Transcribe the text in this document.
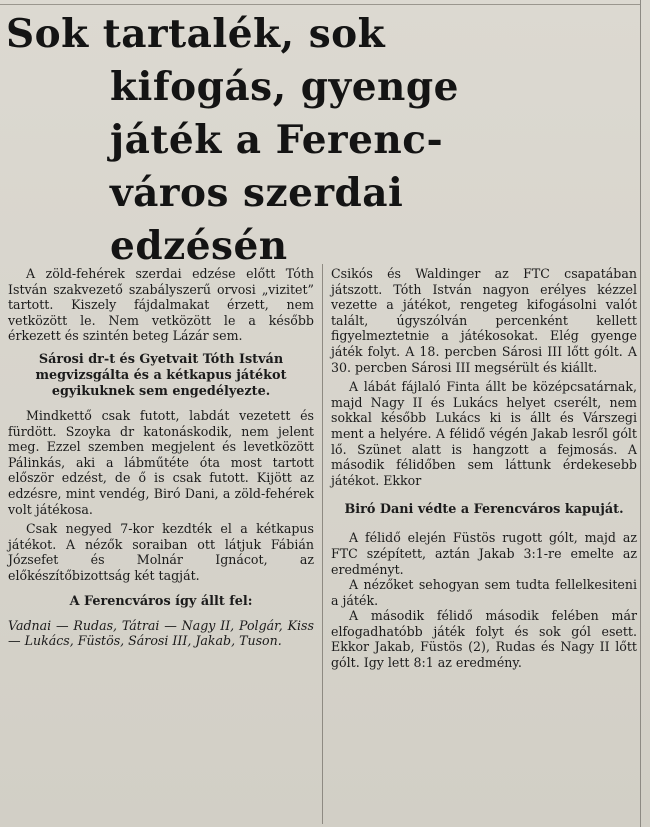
Sok tartalék, sok
kifogás, gyenge
játék a Ferenc-
város szerdai
edzésén

A zöld-fehérek szerdai edzése előtt Tóth István szakvezető szabályszerű orvosi „vizitet” tartott. Kiszely fájdalmakat érzett, nem vetközött le. Nem vetközött le a később érkezett és szintén beteg Lázár sem.

Sárosi dr-t és Gyetvait Tóth István megvizsgálta és a kétkapus játékot egyikuknek sem engedélyezte.

Mindkettő csak futott, labdát vezetett és fürdött. Szoyka dr katonáskodik, nem jelent meg. Ezzel szemben megjelent és levetközött Pálinkás, aki a lábműtéte óta most tartott először edzést, de ő is csak futott. Kijött az edzésre, mint vendég, Biró Dani, a zöld-fehérek volt játékosa.

Csak negyed 7-kor kezdték el a kétkapus játékot. A nézők soraiban ott látjuk Fábián Józsefet és Molnár Ignácot, az előkészítőbizottság két tagját.

A Ferencváros így állt fel:

Vadnai — Rudas, Tátrai — Nagy II, Polgár, Kiss — Lukács, Füstös, Sárosi III, Jakab, Tuson.

Csikós és Waldinger az FTC csapatában játszott. Tóth István nagyon erélyes kézzel vezette a játékot, rengeteg kifogásolni valót talált, úgyszólván percenként kellett figyelmeztetnie a játékosokat. Elég gyenge játék folyt. A 18. percben Sárosi III lőtt gólt. A 30. percben Sárosi III megsérült és kiállt.

A lábát fájlaló Finta állt be középcsatárnak, majd Nagy II és Lukács helyet cserélt, nem sokkal később Lukács ki is állt és Várszegi ment a helyére. A félidő végén Jakab lesről gólt lő. Szünet alatt is hangzott a fejmosás. A második félidőben sem láttunk érdekesebb játékot. Ekkor

Biró Dani védte a Ferencváros kapuját.

A félidő elején Füstös rugott gólt, majd az FTC szépített, aztán Jakab 3:1-re emelte az eredményt.

A nézőket sehogyan sem tudta fellelkesiteni a játék.

A második félidő második felében már elfogadhatóbb játék folyt és sok gól esett. Ekkor Jakab, Füstös (2), Rudas és Nagy II lőtt gólt. Igy lett 8:1 az eredmény.
